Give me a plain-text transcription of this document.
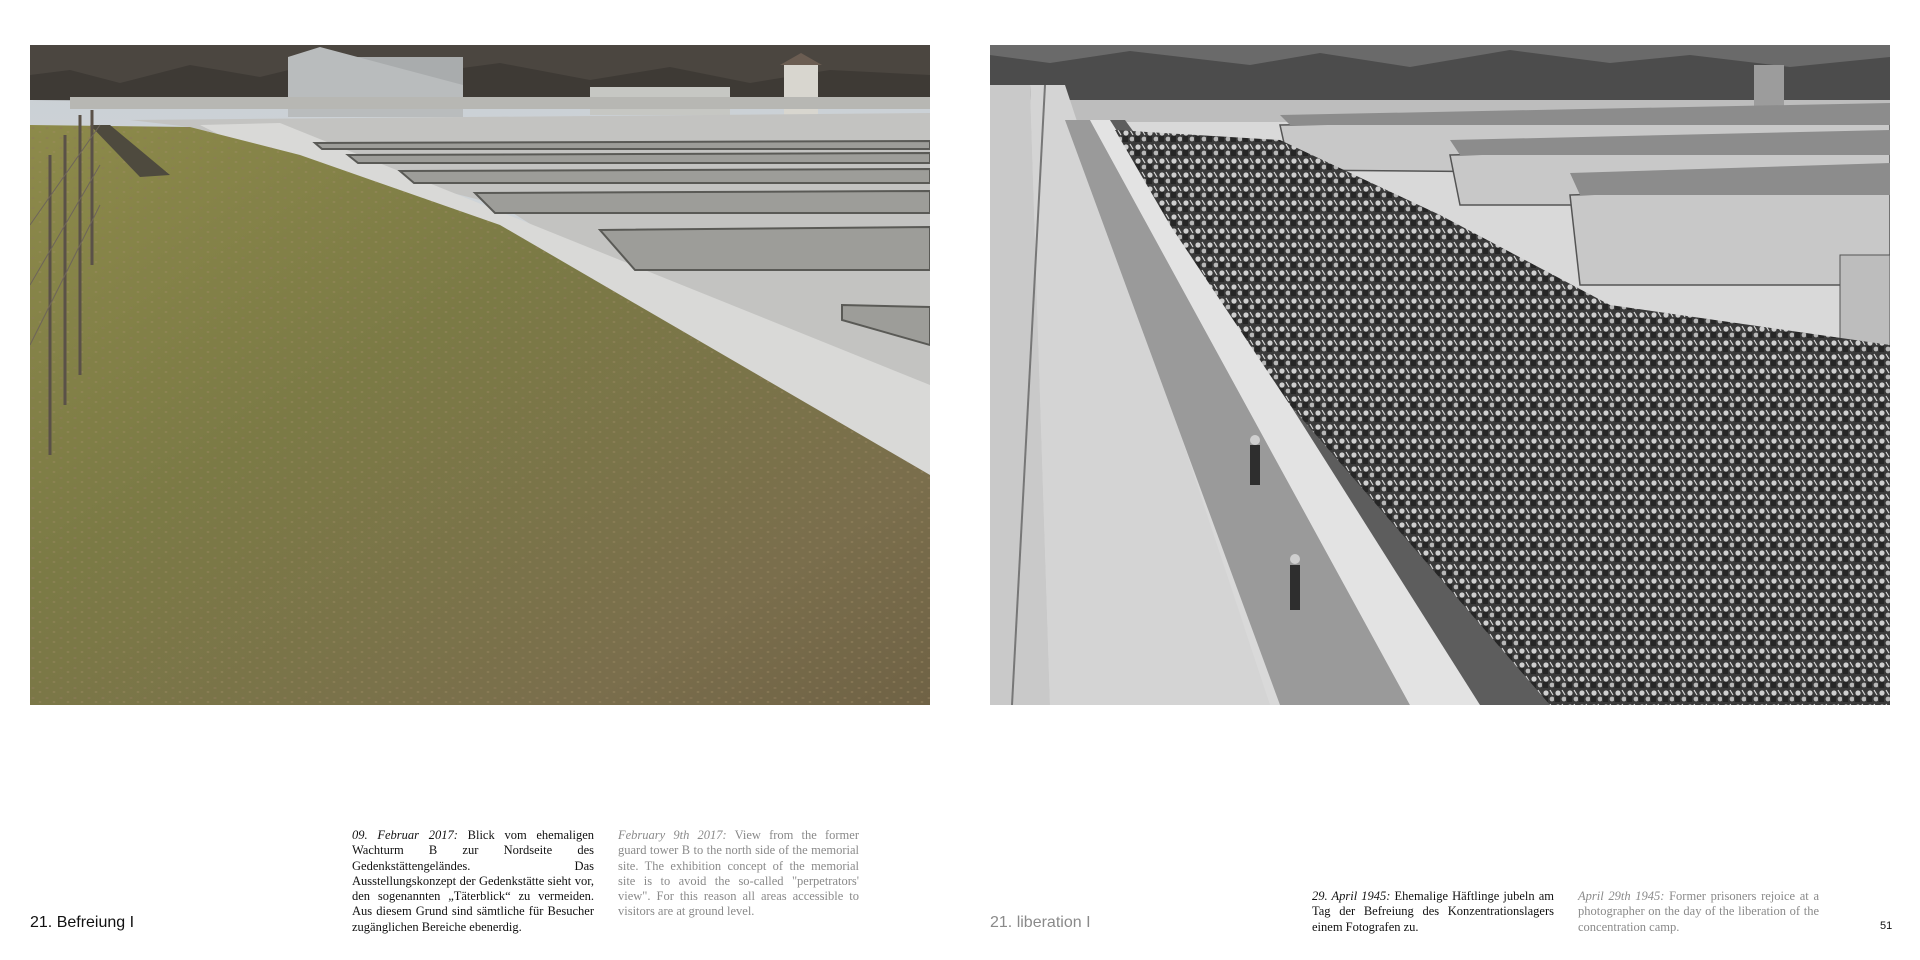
09. Februar 2017: Blick vom ehemaligen Wachturm B zur Nordseite des Gedenkstättengeländes. Das Ausstellungskonzept der Gedenkstätte sieht vor, den sogenannten „Täterblick“ zu vermeiden. Aus diesem Grund sind sämtliche für Besucher zugänglichen Bereiche ebenerdig.
February 9th 2017: View from the former guard tower B to the north side of the memorial site. The exhibition concept of the memorial site is to avoid the so-called "perpetrators' view". For this reason all areas accessible to visitors are at ground level.
29. April 1945: Ehemalige Häftlinge jubeln am Tag der Befreiung des Konzentrationslagers einem Fotografen zu.
April 29th 1945: Former prisoners rejoice at a photographer on the day of the liberation of the concentration camp.
21. Befreiung I	21. liberation I	51
